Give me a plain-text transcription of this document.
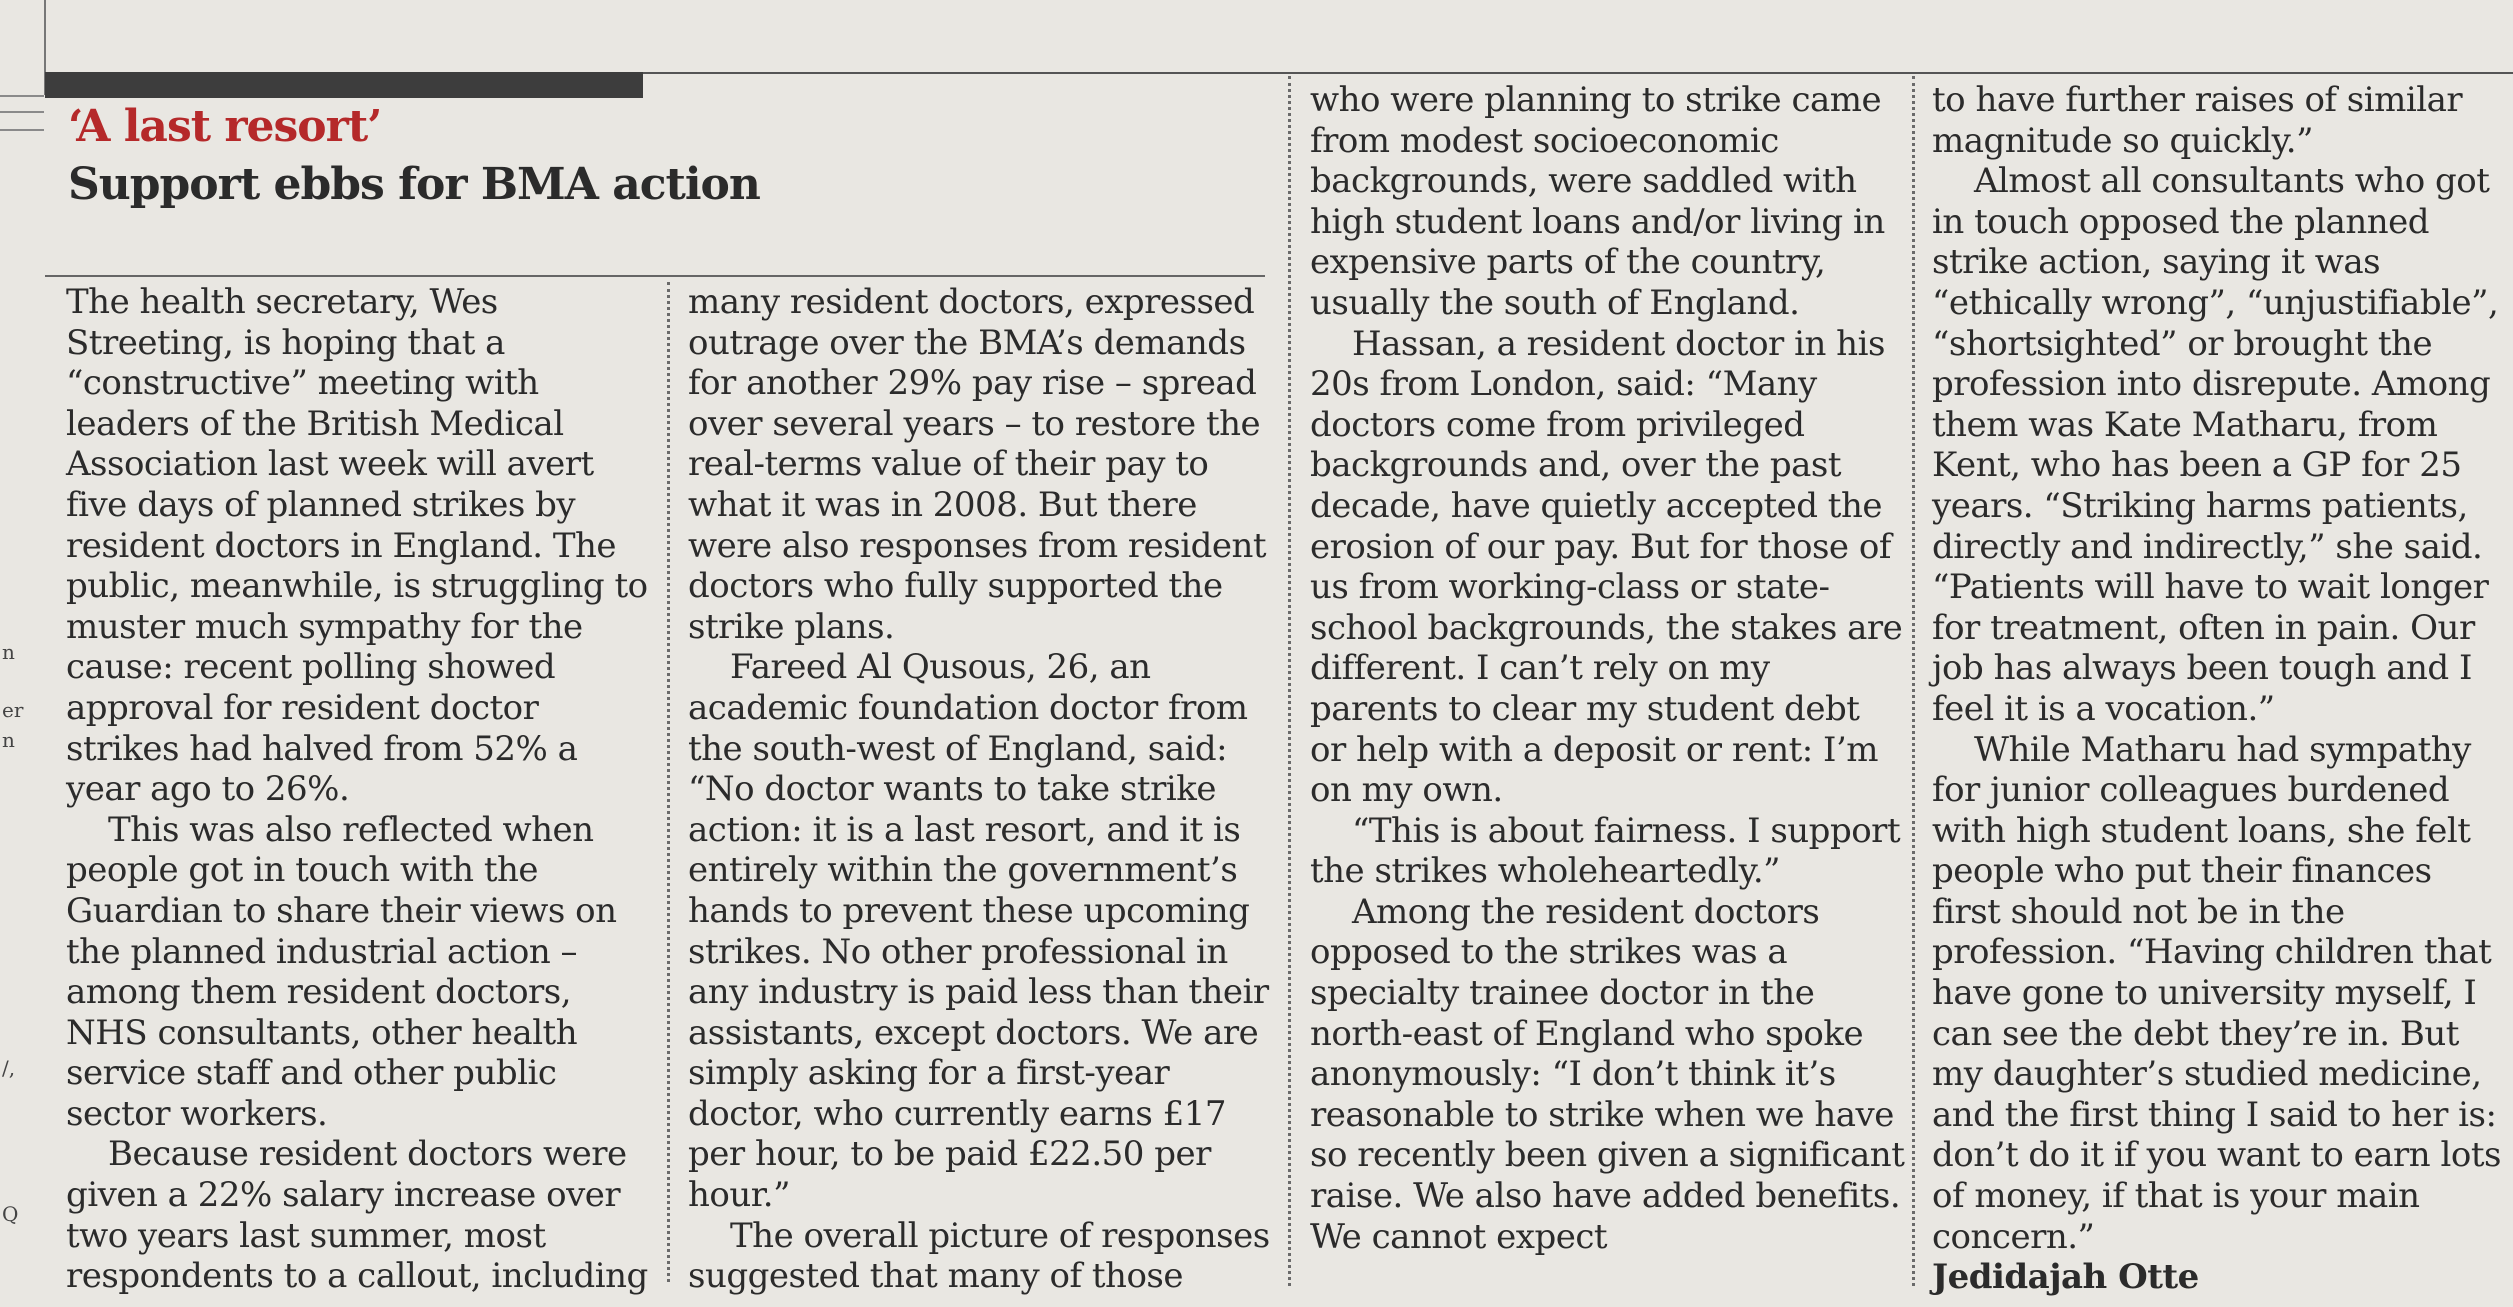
n
er
n
/,
Q
‘A last resort’
Support ebbs for BMA action

The health secretary, Wes Streeting, is hoping that a “constructive” meeting with leaders of the British Medical Association last week will avert five days of planned strikes by resident doctors in England. The public, meanwhile, is struggling to muster much sympathy for the cause: recent polling showed approval for resident doctor strikes had halved from 52% a year ago to 26%.

This was also reflected when people got in touch with the Guardian to share their views on the planned industrial action – among them resident doctors, NHS consultants, other health service staff and other public sector workers.

Because resident doctors were given a 22% salary increase over two years last summer, most respondents to a callout, including

many resident doctors, expressed outrage over the BMA’s demands for another 29% pay rise – spread over several years – to restore the real-terms value of their pay to what it was in 2008. But there were also responses from resident doctors who fully supported the strike plans.

Fareed Al Qusous, 26, an academic foundation doctor from the south-west of England, said: “No doctor wants to take strike action: it is a last resort, and it is entirely within the government’s hands to prevent these upcoming strikes. No other professional in any industry is paid less than their assistants, except doctors. We are simply asking for a first-year doctor, who currently earns £17 per hour, to be paid £22.50 per hour.”

The overall picture of responses suggested that many of those

who were planning to strike came from modest socioeconomic backgrounds, were saddled with high student loans and/or living in expensive parts of the country, usually the south of England.

Hassan, a resident doctor in his 20s from London, said: “Many doctors come from privileged backgrounds and, over the past decade, have quietly accepted the erosion of our pay. But for those of us from working-class or state-school backgrounds, the stakes are different. I can’t rely on my parents to clear my student debt or help with a deposit or rent: I’m on my own.

“This is about fairness. I support the strikes wholeheartedly.”

Among the resident doctors opposed to the strikes was a specialty trainee doctor in the north-east of England who spoke anonymously: “I don’t think it’s reasonable to strike when we have so recently been given a significant raise. We also have added benefits. We cannot expect

to have further raises of similar magnitude so quickly.”

Almost all consultants who got in touch opposed the planned strike action, saying it was “ethically wrong”, “unjustifiable”, “shortsighted” or brought the profession into disrepute. Among them was Kate Matharu, from Kent, who has been a GP for 25 years. “Striking harms patients, directly and indirectly,” she said. “Patients will have to wait longer for treatment, often in pain. Our job has always been tough and I feel it is a vocation.”

While Matharu had sympathy for junior colleagues burdened with high student loans, she felt people who put their finances first should not be in the profession. “Having children that have gone to university myself, I can see the debt they’re in. But my daughter’s studied medicine, and the first thing I said to her is: don’t do it if you want to earn lots of money, if that is your main concern.”

Jedidajah Otte
